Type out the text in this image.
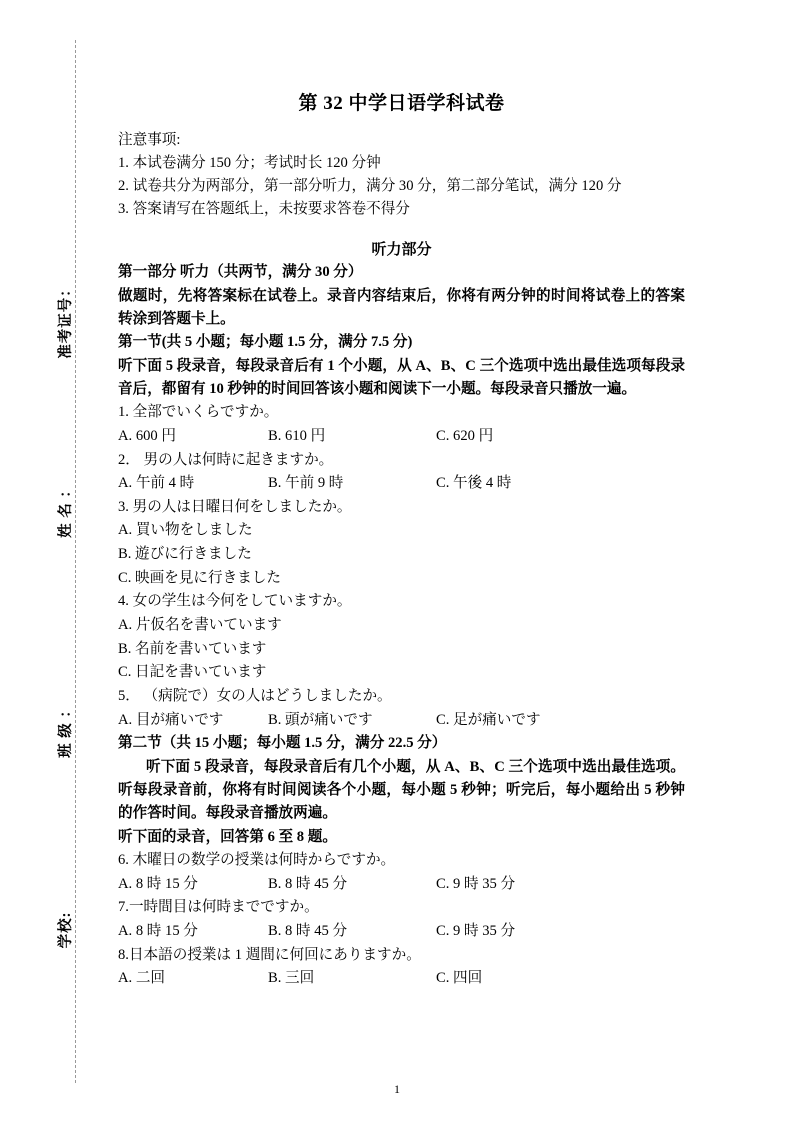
准考证号：
姓 名 ：
班 级 ：
学校:
第 32 中学日语学科试卷

注意事项:

1. 本试卷满分 150 分；考试时长 120 分钟

2. 试卷共分为两部分，第一部分听力，满分 30 分，第二部分笔试，满分 120 分

3. 答案请写在答题纸上，未按要求答卷不得分

听力部分

第一部分 听力（共两节，满分 30 分）

做题时，先将答案标在试卷上。录音内容结束后，你将有两分钟的时间将试卷上的答案转涂到答题卡上。

第一节(共 5 小题；每小题 1.5 分，满分 7.5 分)

听下面 5 段录音，每段录音后有 1 个小题，从 A、B、C 三个选项中选出最佳选项每段录音后，都留有 10 秒钟的时间回答该小题和阅读下一小题。每段录音只播放一遍。

1. 全部でいくらですか。

A. 600 円	B. 610 円	C. 620 円

2． 男の人は何時に起きますか。

A. 午前 4 時	B. 午前 9 時	C. 午後 4 時

3. 男の人は日曜日何をしましたか。

A. 買い物をしました

B. 遊びに行きました

C. 映画を見に行きました

4. 女の学生は今何をしていますか。

A. 片仮名を書いています

B. 名前を書いています

C. 日記を書いています

5． （病院で）女の人はどうしましたか。

A. 目が痛いです	B. 頭が痛いです	C. 足が痛いです

第二节（共 15 小题；每小题 1.5 分，满分 22.5 分）

听下面 5 段录音，每段录音后有几个小题，从 A、B、C 三个选项中选出最佳选项。听每段录音前，你将有时间阅读各个小题，每小题 5 秒钟；听完后，每小题给出 5 秒钟的作答时间。每段录音播放两遍。

听下面的录音，回答第 6 至 8 题。

6. 木曜日の数学の授業は何時からですか。

A. 8 時 15 分	B. 8 時 45 分	C. 9 時 35 分

7.一時間目は何時までですか。

A. 8 時 15 分	B. 8 時 45 分	C. 9 時 35 分

8.日本語の授業は 1 週間に何回にありますか。

A. 二回	B. 三回	C. 四回

1
